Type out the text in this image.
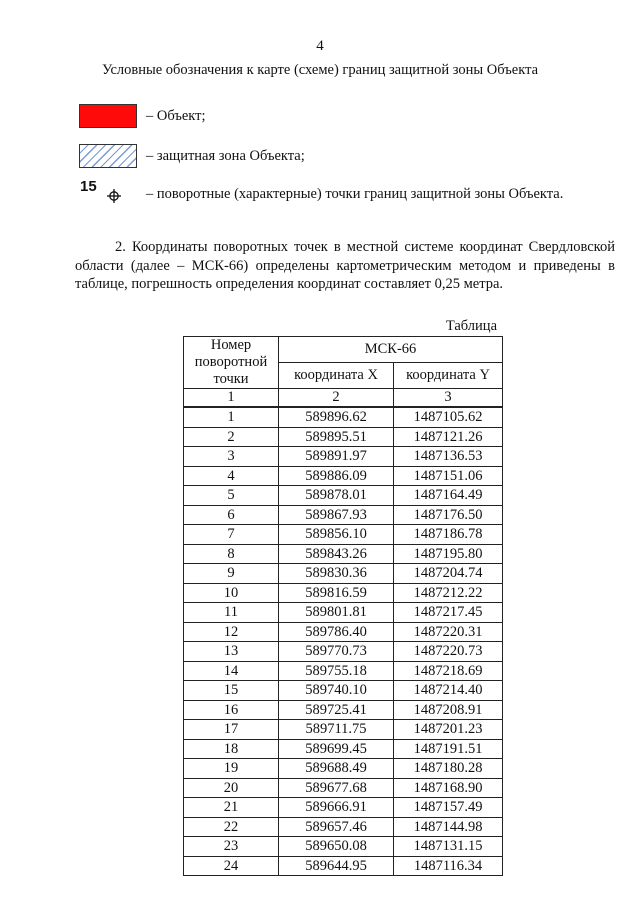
4
Условные обозначения к карте (схеме) границ защитной зоны Объекта
– Объект;
– защитная зона Объекта;
15	– поворотные (характерные) точки границ защитной зоны Объекта.
2. Координаты поворотных точек в местной системе координат Свердловской области (далее – МСК-66) определены картометрическим методом и приведены в таблице, погрешность определения координат составляет 0,25 метра.
Таблица
Номер поворотной точки	МСК-66	
	координата X	координата Y
1	2	3
1	589896.62	1487105.62
2	589895.51	1487121.26
3	589891.97	1487136.53
4	589886.09	1487151.06
5	589878.01	1487164.49
6	589867.93	1487176.50
7	589856.10	1487186.78
8	589843.26	1487195.80
9	589830.36	1487204.74
10	589816.59	1487212.22
11	589801.81	1487217.45
12	589786.40	1487220.31
13	589770.73	1487220.73
14	589755.18	1487218.69
15	589740.10	1487214.40
16	589725.41	1487208.91
17	589711.75	1487201.23
18	589699.45	1487191.51
19	589688.49	1487180.28
20	589677.68	1487168.90
21	589666.91	1487157.49
22	589657.46	1487144.98
23	589650.08	1487131.15
24	589644.95	1487116.34
